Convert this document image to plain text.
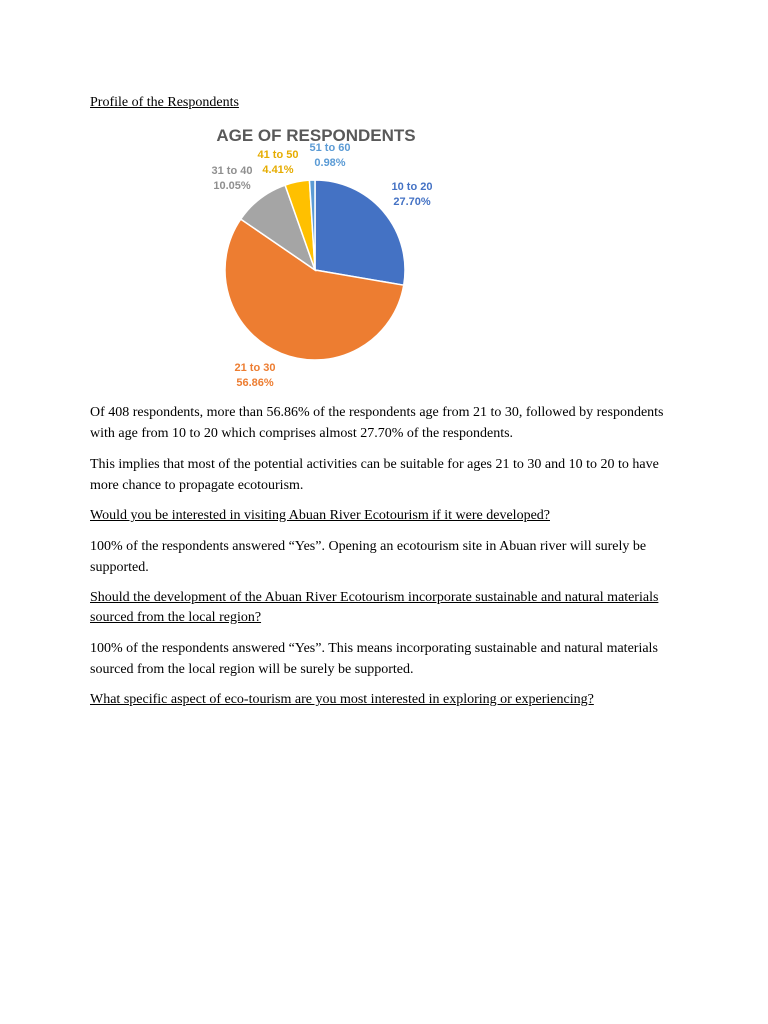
Profile of the Respondents
AGE OF RESPONDENTS
10 to 20
27.70%
21 to 30
56.86%
31 to 40
10.05%
41 to 50
4.41%
51 to 60
0.98%

Of 408 respondents, more than 56.86% of the respondents age from 21 to 30, followed by respondents with age from 10 to 20 which comprises almost 27.70% of the respondents.

This implies that most of the potential activities can be suitable for ages 21 to 30 and 10 to 20 to have more chance to propagate ecotourism.

Would you be interested in visiting Abuan River Ecotourism if it were developed?

100% of the respondents answered “Yes”. Opening an ecotourism site in Abuan river will surely be supported.

Should the development of the Abuan River Ecotourism incorporate sustainable and natural materials sourced from the local region?

100% of the respondents answered “Yes”. This means incorporating sustainable and natural materials sourced from the local region will be surely be supported.

What specific aspect of eco-tourism are you most interested in exploring or experiencing?
